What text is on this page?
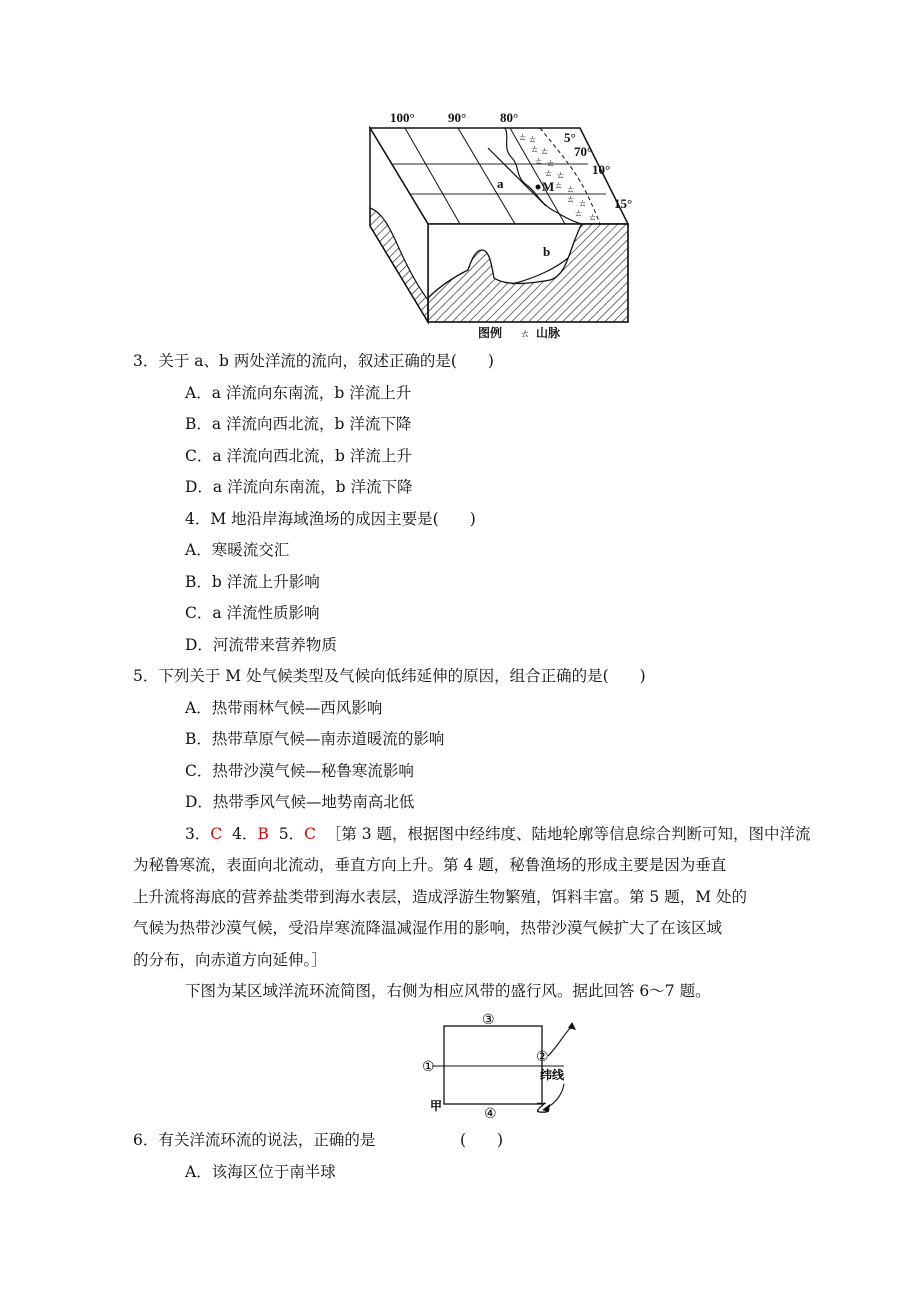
ㄊ ㄊ
ㄊ ㄊ
ㄊ ㄊ
ㄊ ㄊ
ㄊ ㄊ
ㄊ ㄊ
ㄊ ㄊ
100°	90°	80°
5°
70°
10°
15°
a	M
b
图例 ㄊ 山脉
3．关于 a、b 两处洋流的流向，叙述正确的是(　　)
A．a 洋流向东南流，b 洋流上升
B．a 洋流向西北流，b 洋流下降
C．a 洋流向西北流，b 洋流上升
D．a 洋流向东南流，b 洋流下降
4．M 地沿岸海域渔场的成因主要是(　　)
A．寒暖流交汇
B．b 洋流上升影响
C．a 洋流性质影响
D．河流带来营养物质
5．下列关于 M 处气候类型及气候向低纬延伸的原因，组合正确的是(　　)
A．热带雨林气候—西风影响
B．热带草原气候—南赤道暖流的影响
C．热带沙漠气候—秘鲁寒流影响
D．热带季风气候—地势南高北低
3．C 4．B 5．C ［第 3 题，根据图中经纬度、陆地轮廓等信息综合判断可知，图中洋流
为秘鲁寒流，表面向北流动，垂直方向上升。第 4 题，秘鲁渔场的形成主要是因为垂直
上升流将海底的营养盐类带到海水表层，造成浮游生物繁殖，饵料丰富。第 5 题，M 处的
气候为热带沙漠气候，受沿岸寒流降温减湿作用的影响，热带沙漠气候扩大了在该区域
的分布，向赤道方向延伸。］
下图为某区域洋流环流简图，右侧为相应风带的盛行风。据此回答 6～7 题。
③
①
②
纬线
甲	④	乙
6．有关洋流环流的说法，正确的是	(　　)
A．该海区位于南半球
